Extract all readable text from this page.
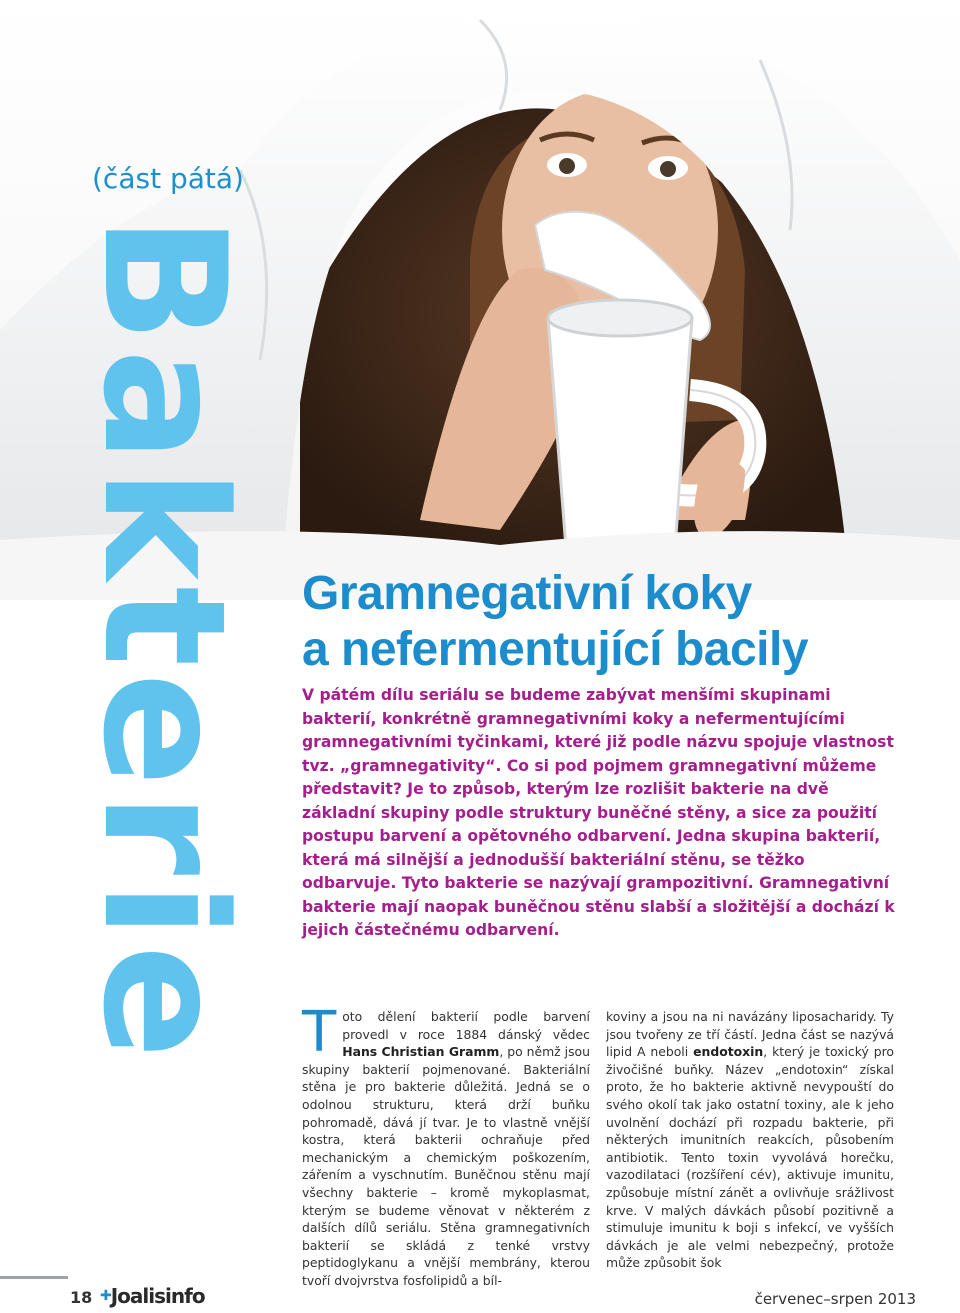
Bakterie
(část pátá)
Gramnegativní koky
a nefermentující bacily

V pátém dílu seriálu se budeme zabývat menšími skupinami bakterií, konkrétně gramnegativními koky a nefermentujícími gramnegativními tyčinkami, které již podle názvu spojuje vlastnost tvz. „gramnegativity“. Co si pod pojmem gramnegativní můžeme představit? Je to způsob, kterým lze rozlišit bakterie na dvě základní skupiny podle struktury buněčné stěny, a sice za použití postupu barvení a opětovného odbarvení. Jedna skupina bakterií, která má silnější a jednodušší bakteriální stěnu, se těžko odbarvuje. Tyto bakterie se nazývají grampozitivní. Gramnegativní bakterie mají naopak buněčnou stěnu slabší a složitější a dochází k jejich částečnému odbarvení.

Toto dělení bakterií podle barvení provedl v roce 1884 dánský vědec Hans Christian Gramm, po němž jsou skupiny bakterií pojmenované. Bakteriální stěna je pro bakterie důležitá. Jedná se o odolnou strukturu, která drží buňku pohromadě, dává jí tvar. Je to vlastně vnější kostra, která bakterii ochraňuje před mechanickým a chemickým poškozením, zářením a vyschnutím. Buněčnou stěnu mají všechny bakterie – kromě mykoplasmat, kterým se budeme věnovat v některém z dalších dílů seriálu. Stěna gramnegativních bakterií se skládá z tenké vrstvy peptidoglykanu a vnější membrány, kterou tvoří dvojvrstva fosfolipidů a bíl-

koviny a jsou na ni navázány liposacharidy. Ty jsou tvořeny ze tří částí. Jedna část se nazývá lipid A neboli endotoxin, který je toxický pro živočišné buňky. Název „endotoxin“ získal proto, že ho bakterie aktivně nevypouští do svého okolí tak jako ostatní toxiny, ale k jeho uvolnění dochází při rozpadu bakterie, při některých imunitních reakcích, působením antibiotik. Tento toxin vyvolává horečku, vazodilataci (rozšíření cév), aktivuje imunitu, způsobuje místní zánět a ovlivňuje srážlivost krve. V malých dávkách působí pozitivně a stimuluje imunitu k boji s infekcí, ve vyšších dávkách je ale velmi nebezpečný, protože může způsobit šok

18 ✚Joalisinfo	červenec–srpen 2013
